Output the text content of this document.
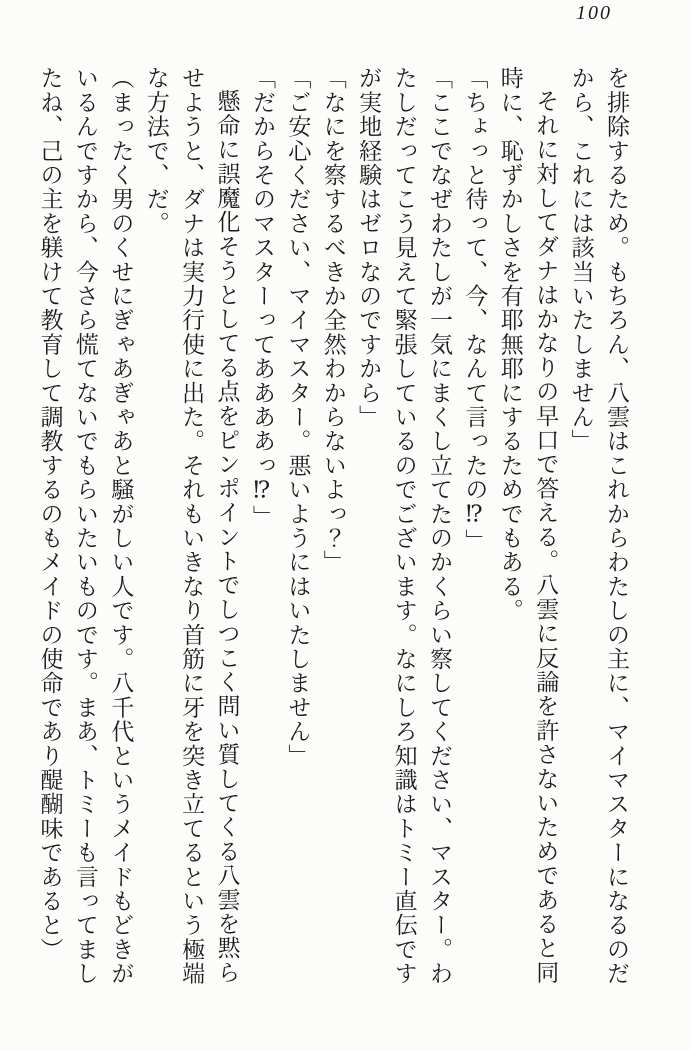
100

を排除するため。もちろん、八雲はこれからわたしの主に、マイマスターになるのだ

から、これには該当いたしません」

それに対してダナはかなりの早口で答える。八雲に反論を許さないためであると同

時に、恥ずかしさを有耶無耶にするためでもある。

「ちょっと待って、今、なんて言ったの⁉」

「ここでなぜわたしが一気にまくし立てたのかくらい察してください、マスター。わ

たしだってこう見えて緊張しているのでございます。なにしろ知識はトミー直伝です

が実地経験はゼロなのですから」

「なにを察するべきか全然わからないよっ？」

「ご安心ください、マイマスター。悪いようにはいたしません」

「だからそのマスターってああああっ⁉」

懸命に誤魔化そうとしてる点をピンポイントでしつこく問い質してくる八雲を黙ら

せようと、ダナは実力行使に出た。それもいきなり首筋に牙を突き立てるという極端

な方法で、だ。

（まったく男のくせにぎゃあぎゃあと騒がしい人です。八千代というメイドもどきが

いるんですから、今さら慌てないでもらいたいものです。まあ、トミーも言ってまし

たね、己の主を躾けて教育して調教するのもメイドの使命であり醍醐味であると）
